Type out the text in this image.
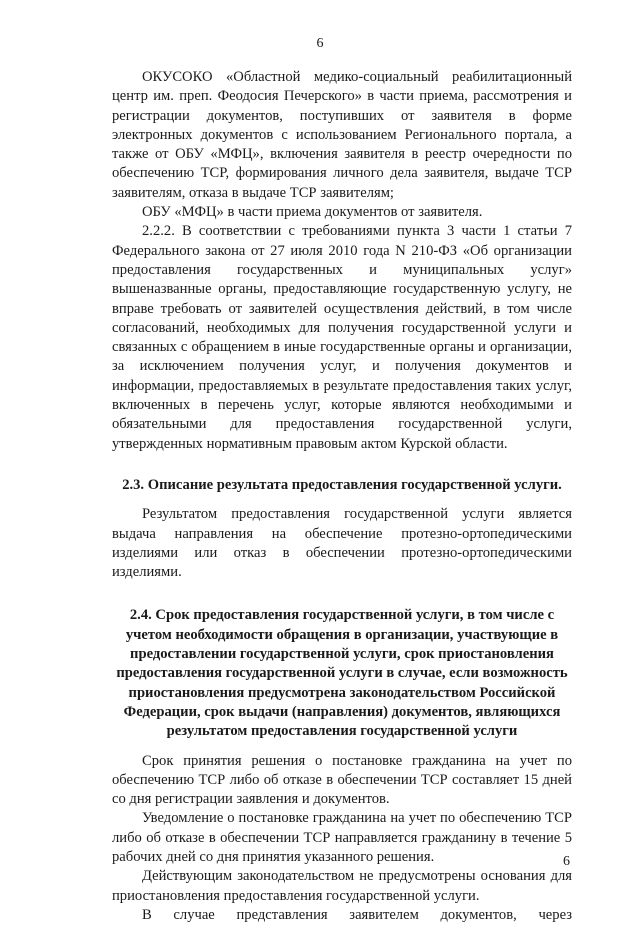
6

ОКУСОКО «Областной медико-социальный реабилитационный центр им. преп. Феодосия Печерского» в части приема, рассмотрения и регистрации документов, поступивших от заявителя в форме электронных документов с использованием Регионального портала, а также от ОБУ «МФЦ», включения заявителя в реестр очередности по обеспечению ТСР, формирования личного дела заявителя, выдаче ТСР заявителям, отказа в выдаче ТСР заявителям;

ОБУ «МФЦ» в части приема документов от заявителя.

2.2.2. В соответствии с требованиями пункта 3 части 1 статьи 7 Федерального закона от 27 июля 2010 года N 210-ФЗ «Об организации предоставления государственных и муниципальных услуг» вышеназванные органы, предоставляющие государственную услугу, не вправе требовать от заявителей осуществления действий, в том числе согласований, необходимых для получения государственной услуги и связанных с обращением в иные государственные органы и организации, за исключением получения услуг, и получения документов и информации, предоставляемых в результате предоставления таких услуг, включенных в перечень услуг, которые являются необходимыми и обязательными для предоставления государственной услуги, утвержденных нормативным правовым актом Курской области.

2.3. Описание результата предоставления государственной услуги.

Результатом предоставления государственной услуги является выдача направления на обеспечение протезно-ортопедическими изделиями или отказ в обеспечении протезно-ортопедическими изделиями.

2.4. Срок предоставления государственной услуги, в том числе с учетом необходимости обращения в организации, участвующие в предоставлении государственной услуги, срок приостановления предоставления государственной услуги в случае, если возможность приостановления предусмотрена законодательством Российской Федерации, срок выдачи (направления) документов, являющихся результатом предоставления государственной услуги

Срок принятия решения о постановке гражданина на учет по обеспечению ТСР либо об отказе в обеспечении ТСР составляет 15 дней со дня регистрации заявления и документов.

Уведомление о постановке гражданина на учет по обеспечению ТСР либо об отказе в обеспечении ТСР направляется гражданину в течение 5 рабочих дней со дня принятия указанного решения.

Действующим законодательством не предусмотрены основания для приостановления предоставления государственной услуги.

В случае представления заявителем документов, через

6
